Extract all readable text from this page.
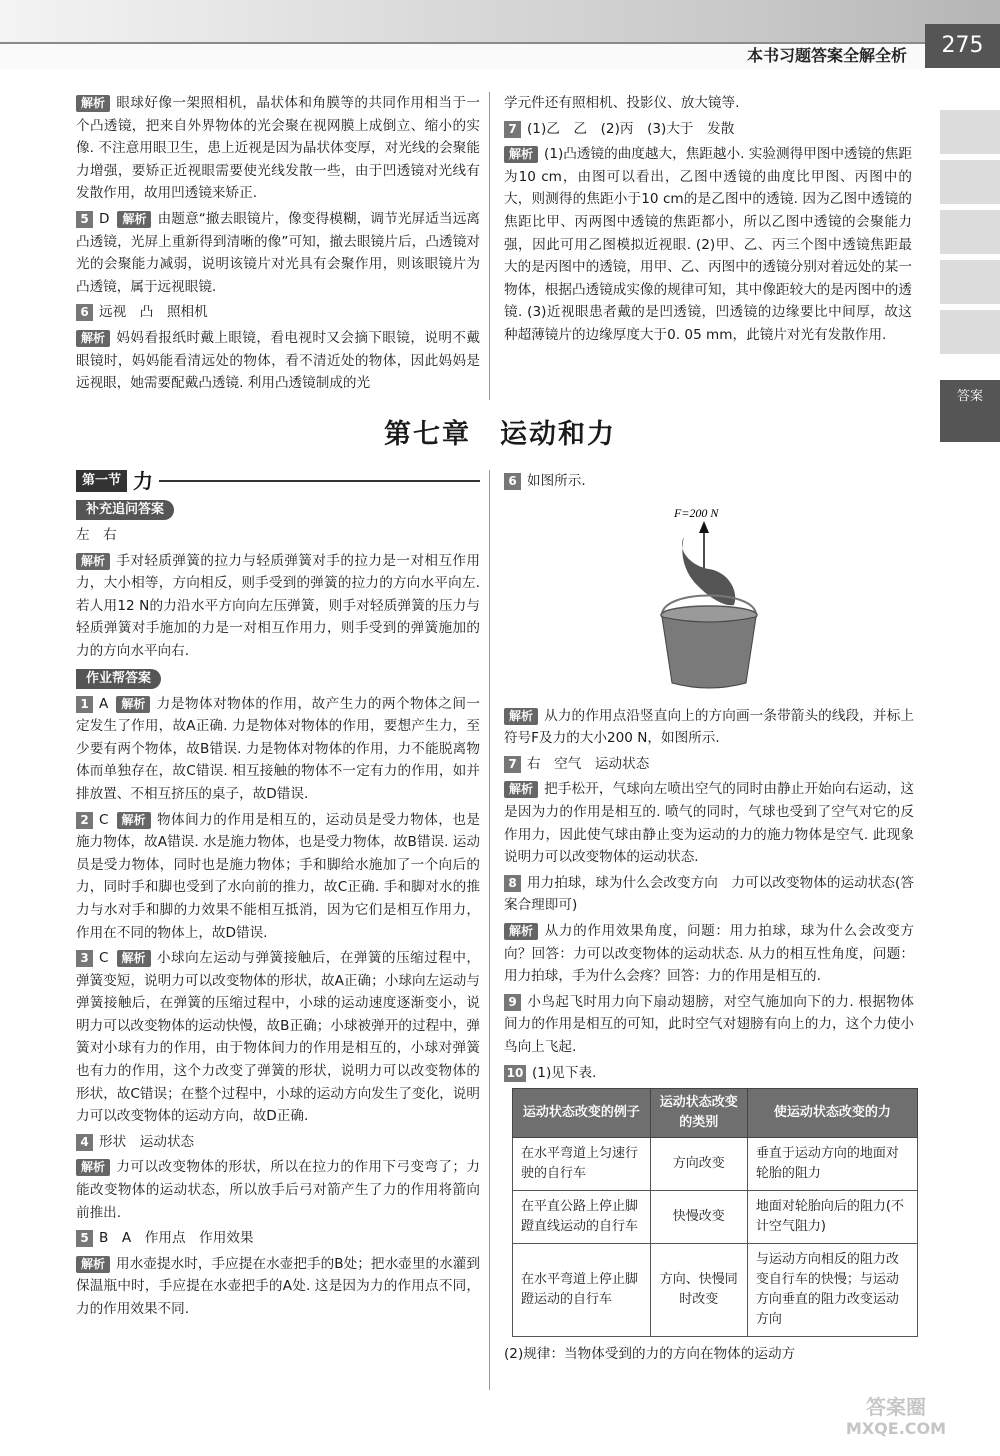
本书习题答案全解全析	275
答案

解析 眼球好像一架照相机，晶状体和角膜等的共同作用相当于一个凸透镜，把来自外界物体的光会聚在视网膜上成倒立、缩小的实像. 不注意用眼卫生，患上近视是因为晶状体变厚，对光线的会聚能力增强，要矫正近视眼需要使光线发散一些，由于凹透镜对光线有发散作用，故用凹透镜来矫正.

5 D 解析 由题意“撤去眼镜片，像变得模糊，调节光屏适当远离凸透镜，光屏上重新得到清晰的像”可知，撤去眼镜片后，凸透镜对光的会聚能力减弱，说明该镜片对光具有会聚作用，则该眼镜片为凸透镜，属于远视眼镜.

6 远视　凸　照相机

解析 妈妈看报纸时戴上眼镜，看电视时又会摘下眼镜，说明不戴眼镜时，妈妈能看清远处的物体，看不清近处的物体，因此妈妈是远视眼，她需要配戴凸透镜. 利用凸透镜制成的光

学元件还有照相机、投影仪、放大镜等.

7 (1)乙　乙　(2)丙　(3)大于　发散

解析 (1)凸透镜的曲度越大，焦距越小. 实验测得甲图中透镜的焦距为10 cm，由图可以看出，乙图中透镜的曲度比甲图、丙图中的大，则测得的焦距小于10 cm的是乙图中的透镜. 因为乙图中透镜的焦距比甲、丙两图中透镜的焦距都小，所以乙图中透镜的会聚能力强，因此可用乙图模拟近视眼. (2)甲、乙、丙三个图中透镜焦距最大的是丙图中的透镜，用甲、乙、丙图中的透镜分别对着远处的某一物体，根据凸透镜成实像的规律可知，其中像距较大的是丙图中的透镜. (3)近视眼患者戴的是凹透镜，凹透镜的边缘要比中间厚，故这种超薄镜片的边缘厚度大于0. 05 mm，此镜片对光有发散作用.

第七章　运动和力
第一节 力
补充追问答案

左　右

解析 手对轻质弹簧的拉力与轻质弹簧对手的拉力是一对相互作用力，大小相等，方向相反，则手受到的弹簧的拉力的方向水平向左. 若人用12 N的力沿水平方向向左压弹簧，则手对轻质弹簧的压力与轻质弹簧对手施加的力是一对相互作用力，则手受到的弹簧施加的力的方向水平向右.

作业帮答案

1 A 解析 力是物体对物体的作用，故产生力的两个物体之间一定发生了作用，故A正确. 力是物体对物体的作用，要想产生力，至少要有两个物体，故B错误. 力是物体对物体的作用，力不能脱离物体而单独存在，故C错误. 相互接触的物体不一定有力的作用，如并排放置、不相互挤压的桌子，故D错误.

2 C 解析 物体间力的作用是相互的，运动员是受力物体，也是施力物体，故A错误. 水是施力物体，也是受力物体，故B错误. 运动员是受力物体，同时也是施力物体；手和脚给水施加了一个向后的力，同时手和脚也受到了水向前的推力，故C正确. 手和脚对水的推力与水对手和脚的力效果不能相互抵消，因为它们是相互作用力，作用在不同的物体上，故D错误.

3 C 解析 小球向左运动与弹簧接触后，在弹簧的压缩过程中，弹簧变短，说明力可以改变物体的形状，故A正确；小球向左运动与弹簧接触后，在弹簧的压缩过程中，小球的运动速度逐渐变小，说明力可以改变物体的运动快慢，故B正确；小球被弹开的过程中，弹簧对小球有力的作用，由于物体间力的作用是相互的，小球对弹簧也有力的作用，这个力改变了弹簧的形状，说明力可以改变物体的形状，故C错误；在整个过程中，小球的运动方向发生了变化，说明力可以改变物体的运动方向，故D正确.

4 形状　运动状态

解析 力可以改变物体的形状，所以在拉力的作用下弓变弯了；力能改变物体的运动状态，所以放手后弓对箭产生了力的作用将箭向前推出.

5 B　A　作用点　作用效果

解析 用水壶提水时，手应提在水壶把手的B处；把水壶里的水灌到保温瓶中时，手应提在水壶把手的A处. 这是因为力的作用点不同，力的作用效果不同.

6 如图所示.

F=200 N

解析 从力的作用点沿竖直向上的方向画一条带箭头的线段，并标上符号F及力的大小200 N，如图所示.

7 右　空气　运动状态

解析 把手松开，气球向左喷出空气的同时由静止开始向右运动，这是因为力的作用是相互的. 喷气的同时，气球也受到了空气对它的反作用力，因此使气球由静止变为运动的力的施力物体是空气. 此现象说明力可以改变物体的运动状态.

8 用力拍球，球为什么会改变方向　力可以改变物体的运动状态(答案合理即可)

解析 从力的作用效果角度，问题：用力拍球，球为什么会改变方向？回答：力可以改变物体的运动状态. 从力的相互性角度，问题：用力拍球，手为什么会疼？回答：力的作用是相互的.

9 小鸟起飞时用力向下扇动翅膀，对空气施加向下的力. 根据物体间力的作用是相互的可知，此时空气对翅膀有向上的力，这个力使小鸟向上飞起.

10 (1)见下表.

运动状态改变的例子	运动状态改变的类别	使运动状态改变的力
在水平弯道上匀速行驶的自行车	方向改变	垂直于运动方向的地面对轮胎的阻力
在平直公路上停止脚蹬直线运动的自行车	快慢改变	地面对轮胎向后的阻力(不计空气阻力)
在水平弯道上停止脚蹬运动的自行车	方向、快慢同时改变	与运动方向相反的阻力改变自行车的快慢；与运动方向垂直的阻力改变运动方向

(2)规律：当物体受到的力的方向在物体的运动方

答案圈
MXQE.COM
